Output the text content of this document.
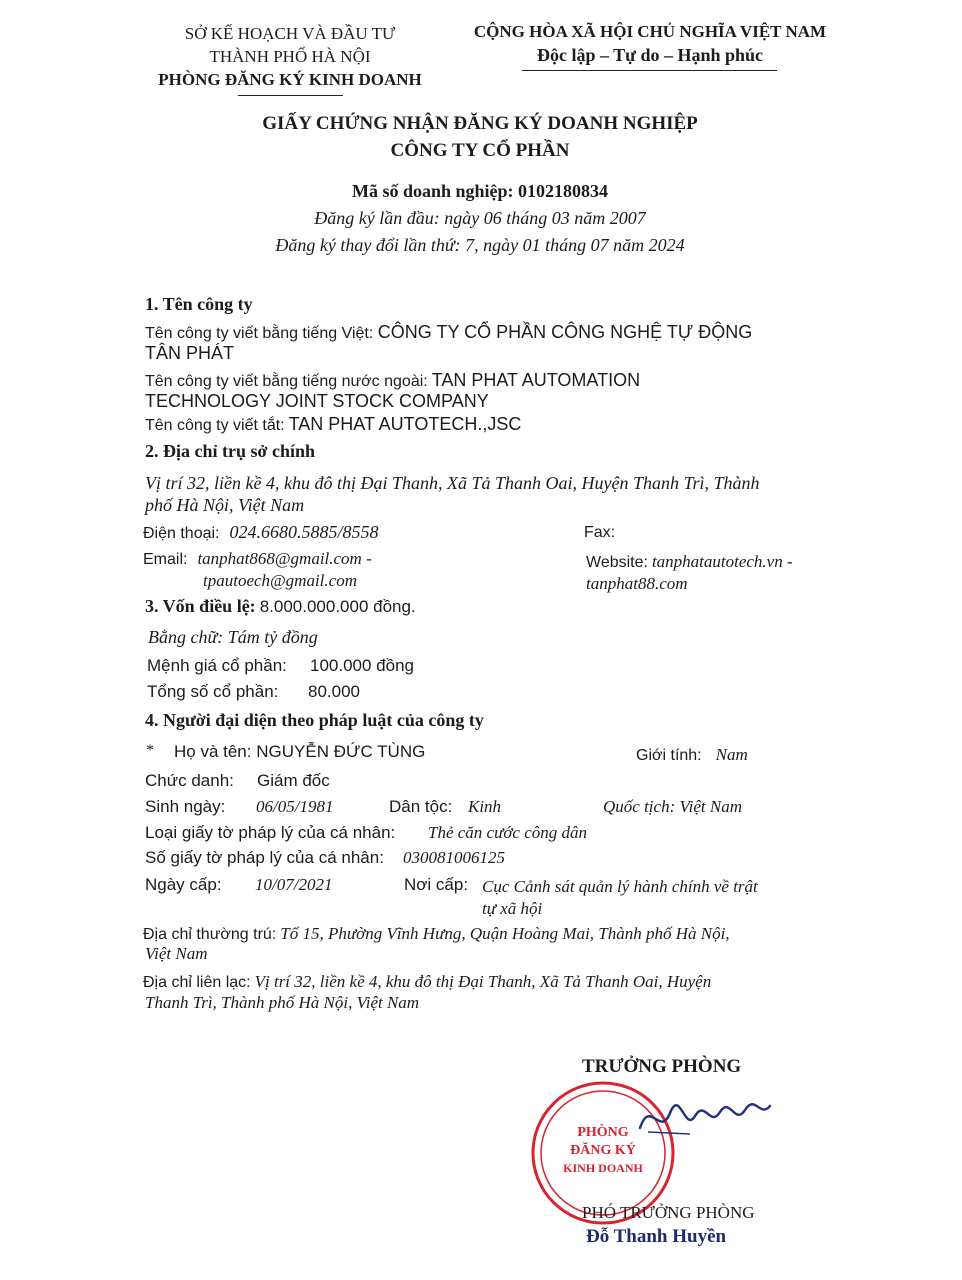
SỞ KẾ HOẠCH VÀ ĐẦU TƯ
THÀNH PHỐ HÀ NỘI
PHÒNG ĐĂNG KÝ KINH DOANH
CỘNG HÒA XÃ HỘI CHỦ NGHĨA VIỆT NAM
Độc lập – Tự do – Hạnh phúc
GIẤY CHỨNG NHẬN ĐĂNG KÝ DOANH NGHIỆP
CÔNG TY CỔ PHẦN
Mã số doanh nghiệp: 0102180834
Đăng ký lần đầu: ngày 06 tháng 03 năm 2007
Đăng ký thay đổi lần thứ: 7, ngày 01 tháng 07 năm 2024
1. Tên công ty
Tên công ty viết bằng tiếng Việt: CÔNG TY CỔ PHẦN CÔNG NGHỆ TỰ ĐỘNG
TÂN PHÁT
Tên công ty viết bằng tiếng nước ngoài: TAN PHAT AUTOMATION
TECHNOLOGY JOINT STOCK COMPANY
Tên công ty viết tắt: TAN PHAT AUTOTECH.,JSC
2. Địa chỉ trụ sở chính
Vị trí 32, liền kề 4, khu đô thị Đại Thanh, Xã Tả Thanh Oai, Huyện Thanh Trì, Thành
phố Hà Nội, Việt Nam
Điện thoại: 024.6680.5885/8558	Fax:
Email: tanphat868@gmail.com -
tpautoech@gmail.com
Website: tanphatautotech.vn -
tanphat88.com
3. Vốn điều lệ: 8.000.000.000 đồng.
Bằng chữ: Tám tỷ đồng
Mệnh giá cổ phần: 100.000 đồng
Tổng số cổ phần: 80.000
4. Người đại diện theo pháp luật của công ty
* Họ và tên: NGUYỄN ĐỨC TÙNG	Giới tính: Nam
Chức danh: Giám đốc
Sinh ngày: 06/05/1981	Dân tộc: Kinh	Quốc tịch: Việt Nam
Loại giấy tờ pháp lý của cá nhân: Thẻ căn cước công dân
Số giấy tờ pháp lý của cá nhân: 030081006125
Ngày cấp: 10/07/2021	Nơi cấp: Cục Cảnh sát quản lý hành chính về trật
tự xã hội
Địa chỉ thường trú: Tổ 15, Phường Vĩnh Hưng, Quận Hoàng Mai, Thành phố Hà Nội,
Việt Nam
Địa chỉ liên lạc: Vị trí 32, liền kề 4, khu đô thị Đại Thanh, Xã Tả Thanh Oai, Huyện
Thanh Trì, Thành phố Hà Nội, Việt Nam
TRƯỞNG PHÒNG
PHÒNG
ĐĂNG KÝ
KINH DOANH
PHÓ TRƯỞNG PHÒNG
Đỗ Thanh Huyền
